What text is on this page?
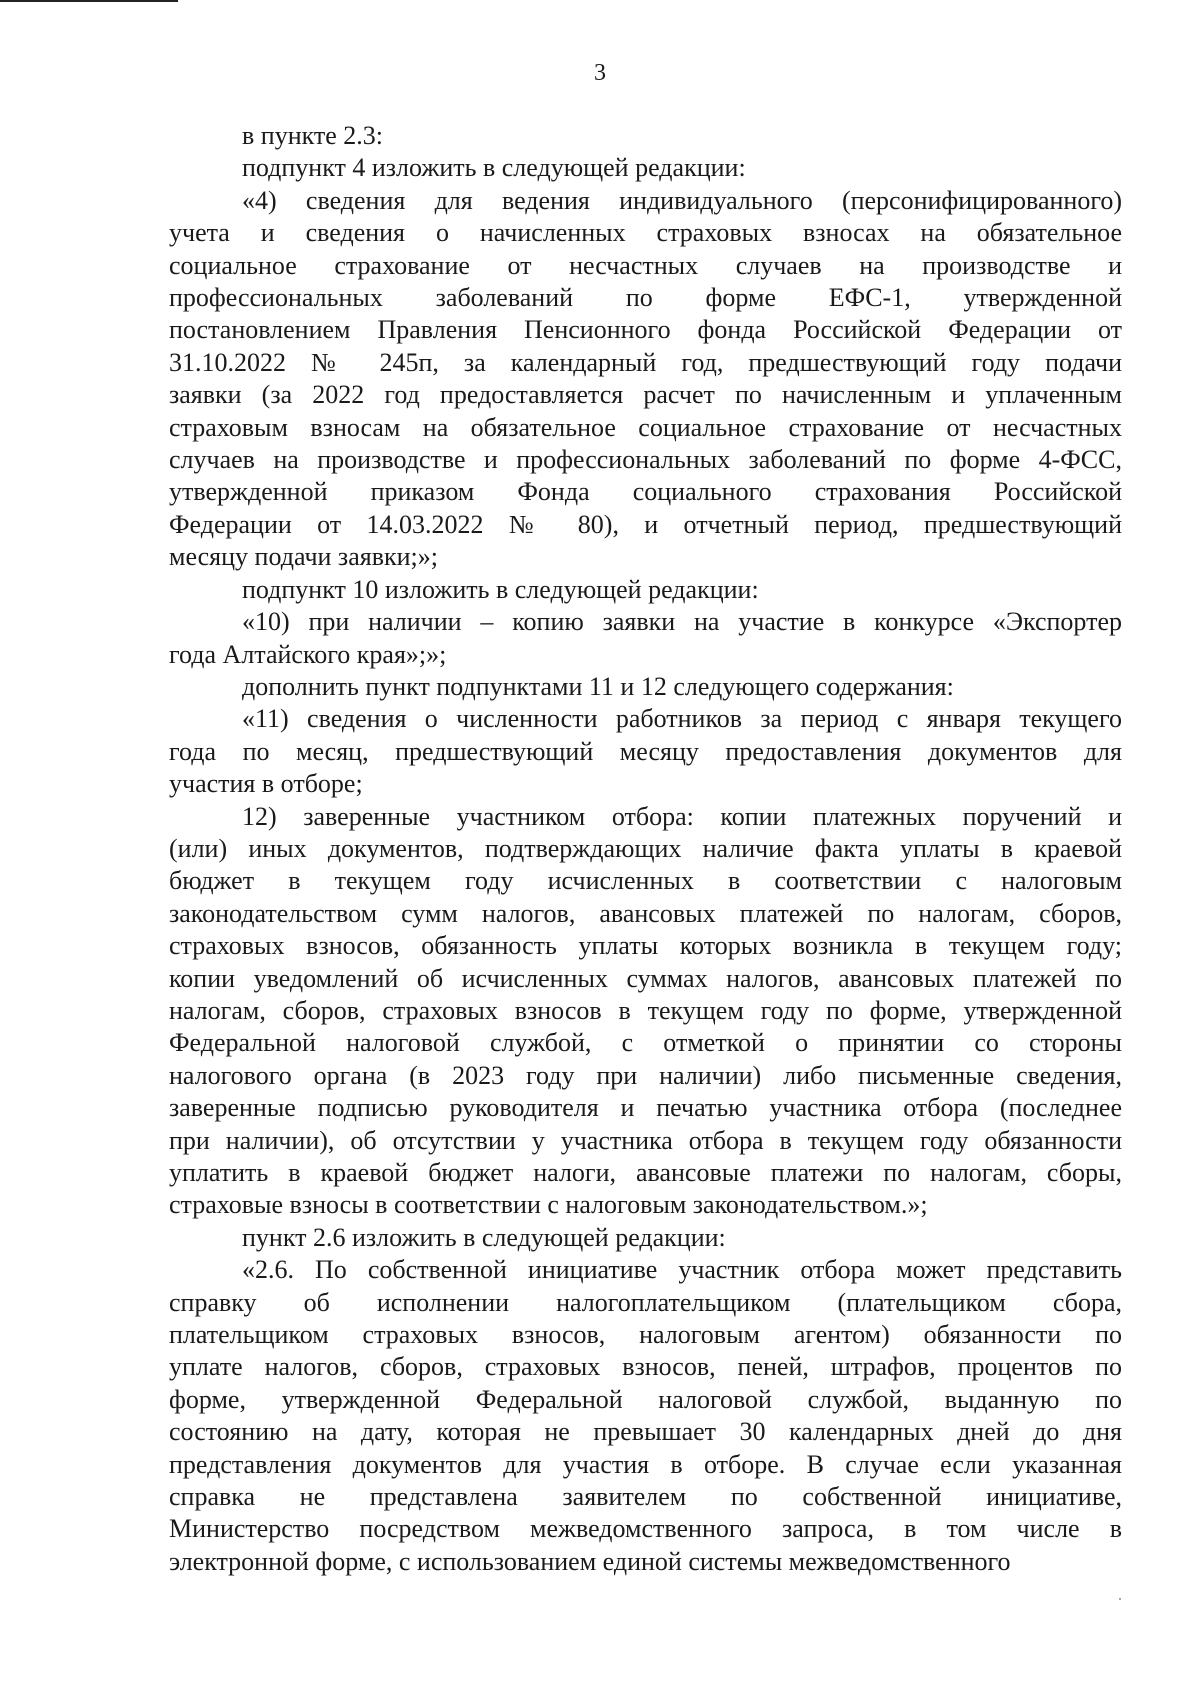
3
в пункте 2.3:
подпункт 4 изложить в следующей редакции:
«4) сведения для ведения индивидуального (персонифицированного)
учета и сведения о начисленных страховых взносах на обязательное
социальное страхование от несчастных случаев на производстве и
профессиональных заболеваний по форме ЕФС-1, утвержденной
постановлением Правления Пенсионного фонда Российской Федерации от
31.10.2022 № 245п, за календарный год, предшествующий году подачи
заявки (за 2022 год предоставляется расчет по начисленным и уплаченным
страховым взносам на обязательное социальное страхование от несчастных
случаев на производстве и профессиональных заболеваний по форме 4-ФСС,
утвержденной приказом Фонда социального страхования Российской
Федерации от 14.03.2022 № 80), и отчетный период, предшествующий
месяцу подачи заявки;»;
подпункт 10 изложить в следующей редакции:
«10) при наличии – копию заявки на участие в конкурсе «Экспортер
года Алтайского края»;»;
дополнить пункт подпунктами 11 и 12 следующего содержания:
«11) сведения о численности работников за период с января текущего
года по месяц, предшествующий месяцу предоставления документов для
участия в отборе;
12) заверенные участником отбора: копии платежных поручений и
(или) иных документов, подтверждающих наличие факта уплаты в краевой
бюджет в текущем году исчисленных в соответствии с налоговым
законодательством сумм налогов, авансовых платежей по налогам, сборов,
страховых взносов, обязанность уплаты которых возникла в текущем году;
копии уведомлений об исчисленных суммах налогов, авансовых платежей по
налогам, сборов, страховых взносов в текущем году по форме, утвержденной
Федеральной налоговой службой, с отметкой о принятии со стороны
налогового органа (в 2023 году при наличии) либо письменные сведения,
заверенные подписью руководителя и печатью участника отбора (последнее
при наличии), об отсутствии у участника отбора в текущем году обязанности
уплатить в краевой бюджет налоги, авансовые платежи по налогам, сборы,
страховые взносы в соответствии с налоговым законодательством.»;
пункт 2.6 изложить в следующей редакции:
«2.6. По собственной инициативе участник отбора может представить
справку об исполнении налогоплательщиком (плательщиком сбора,
плательщиком страховых взносов, налоговым агентом) обязанности по
уплате налогов, сборов, страховых взносов, пеней, штрафов, процентов по
форме, утвержденной Федеральной налоговой службой, выданную по
состоянию на дату, которая не превышает 30 календарных дней до дня
представления документов для участия в отборе. В случае если указанная
справка не представлена заявителем по собственной инициативе,
Министерство посредством межведомственного запроса, в том числе в
электронной форме, с использованием единой системы межведомственного
